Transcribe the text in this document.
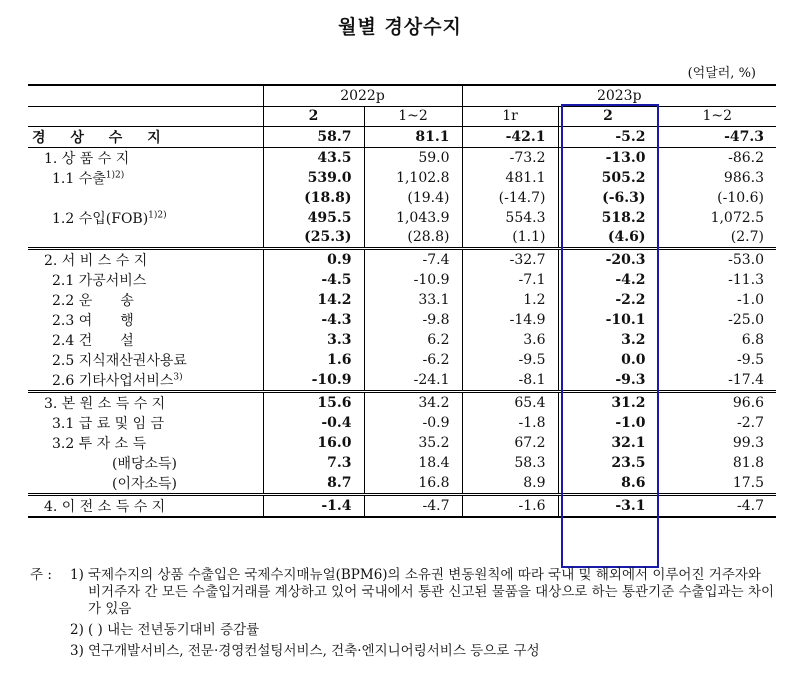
월별 경상수지
(억달러, %)
	2022p		2023p		
	2	1~2	1r	2	1~2
경 상 수 지	58.7	81.1	-42.1	-5.2	-47.3
1. 상 품 수 지	43.5	59.0	-73.2	-13.0	-86.2
1.1 수출$^{1)2)}$	539.0	1,102.8	481.1	505.2	986.3
	(18.8)	(19.4)	(-14.7)	(-6.3)	(-10.6)
1.2 수입(FOB)$^{1)2)}$	495.5	1,043.9	554.3	518.2	1,072.5
	(25.3)	(28.8)	(1.1)	(4.6)	(2.7)
2. 서 비 스 수 지	0.9	-7.4	-32.7	-20.3	-53.0
2.1 가공서비스	-4.5	-10.9	-7.1	-4.2	-11.3
2.2 운　　송	14.2	33.1	1.2	-2.2	-1.0
2.3 여　　행	-4.3	-9.8	-14.9	-10.1	-25.0
2.4 건　　설	3.3	6.2	3.6	3.2	6.8
2.5 지식재산권사용료	1.6	-6.2	-9.5	0.0	-9.5
2.6 기타사업서비스$^{3)}$	-10.9	-24.1	-8.1	-9.3	-17.4
3. 본 원 소 득 수 지	15.6	34.2	65.4	31.2	96.6
3.1 급 료 및 임 금	-0.4	-0.9	-1.8	-1.0	-2.7
3.2 투 자 소 득	16.0	35.2	67.2	32.1	99.3
(배당소득)	7.3	18.4	58.3	23.5	81.8
(이자소득)	8.7	16.8	8.9	8.6	17.5
4. 이 전 소 득 수 지	-1.4	-4.7	-1.6	-3.1	-4.7
주 : 1) 국제수지의 상품 수출입은 국제수지매뉴얼(BPM6)의 소유권 변동원칙에 따라 국내 및 해외에서 이루어진 거주자와 비거주자 간 모든 수출입거래를 계상하고 있어 국내에서 통관 신고된 물품을 대상으로 하는 통관기준 수출입과는 차이가 있음
2) ( ) 내는 전년동기대비 증감률
3) 연구개발서비스, 전문·경영컨설팅서비스, 건축·엔지니어링서비스 등으로 구성
